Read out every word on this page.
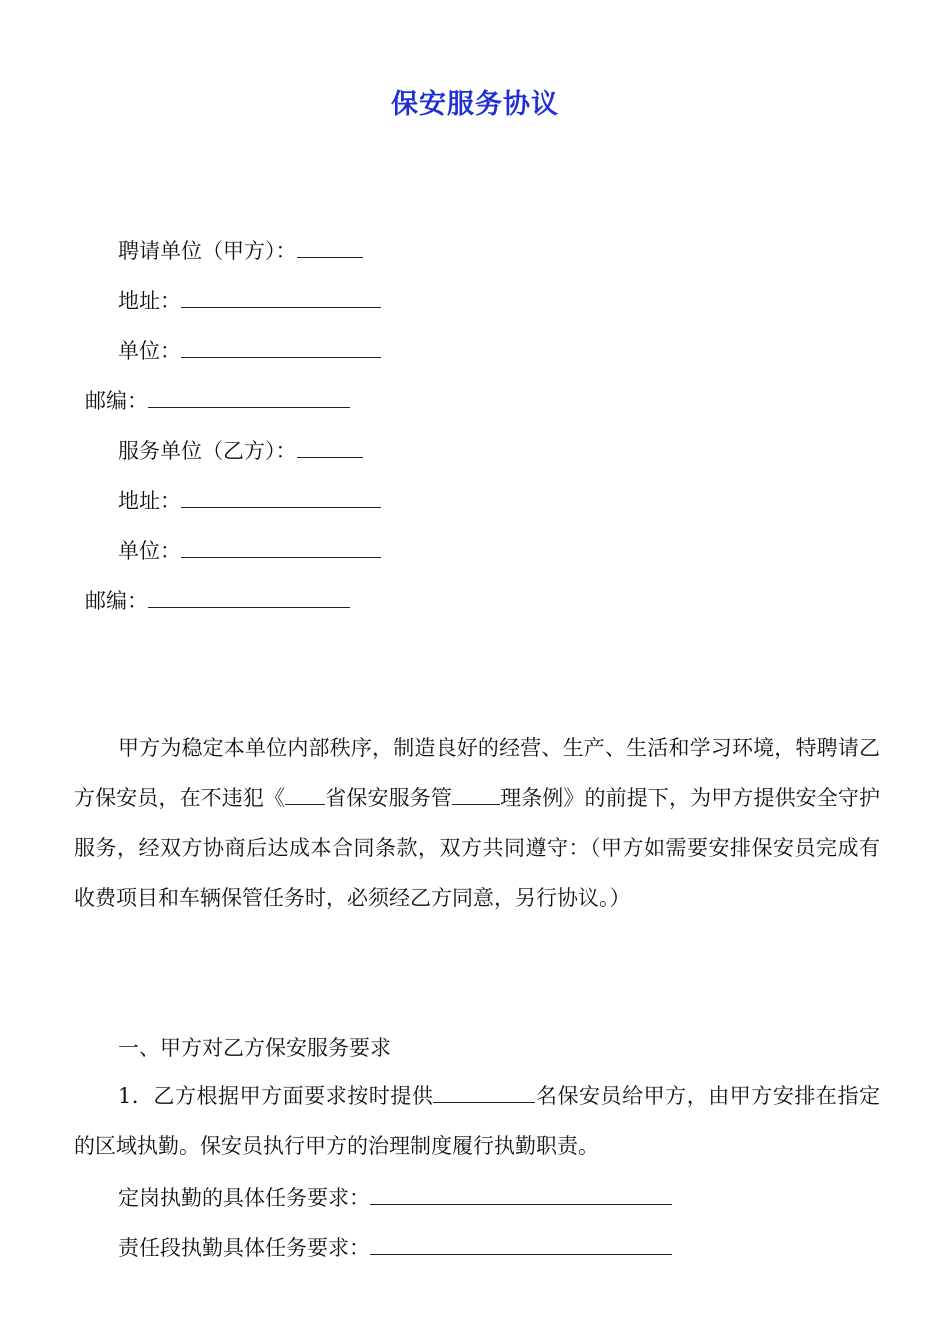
保安服务协议
聘请单位（甲方）：
地址：
单位：
邮编：
服务单位（乙方）：
地址：
单位：
邮编：
甲方为稳定本单位内部秩序，制造良好的经营、生产、生活和学习环境，特聘请乙方保安员，在不违犯《 省保安服务管 理条例》的前提下，为甲方提供安全守护服务，经双方协商后达成本合同条款，双方共同遵守：（甲方如需要安排保安员完成有收费项目和车辆保管任务时，必须经乙方同意，另行协议。）
一、甲方对乙方保安服务要求
1．乙方根据甲方面要求按时提供	名保安员给甲方，由甲方安排在指定的区域执勤。保安员执行甲方的治理制度履行执勤职责。
定岗执勤的具体任务要求：
责任段执勤具体任务要求：
